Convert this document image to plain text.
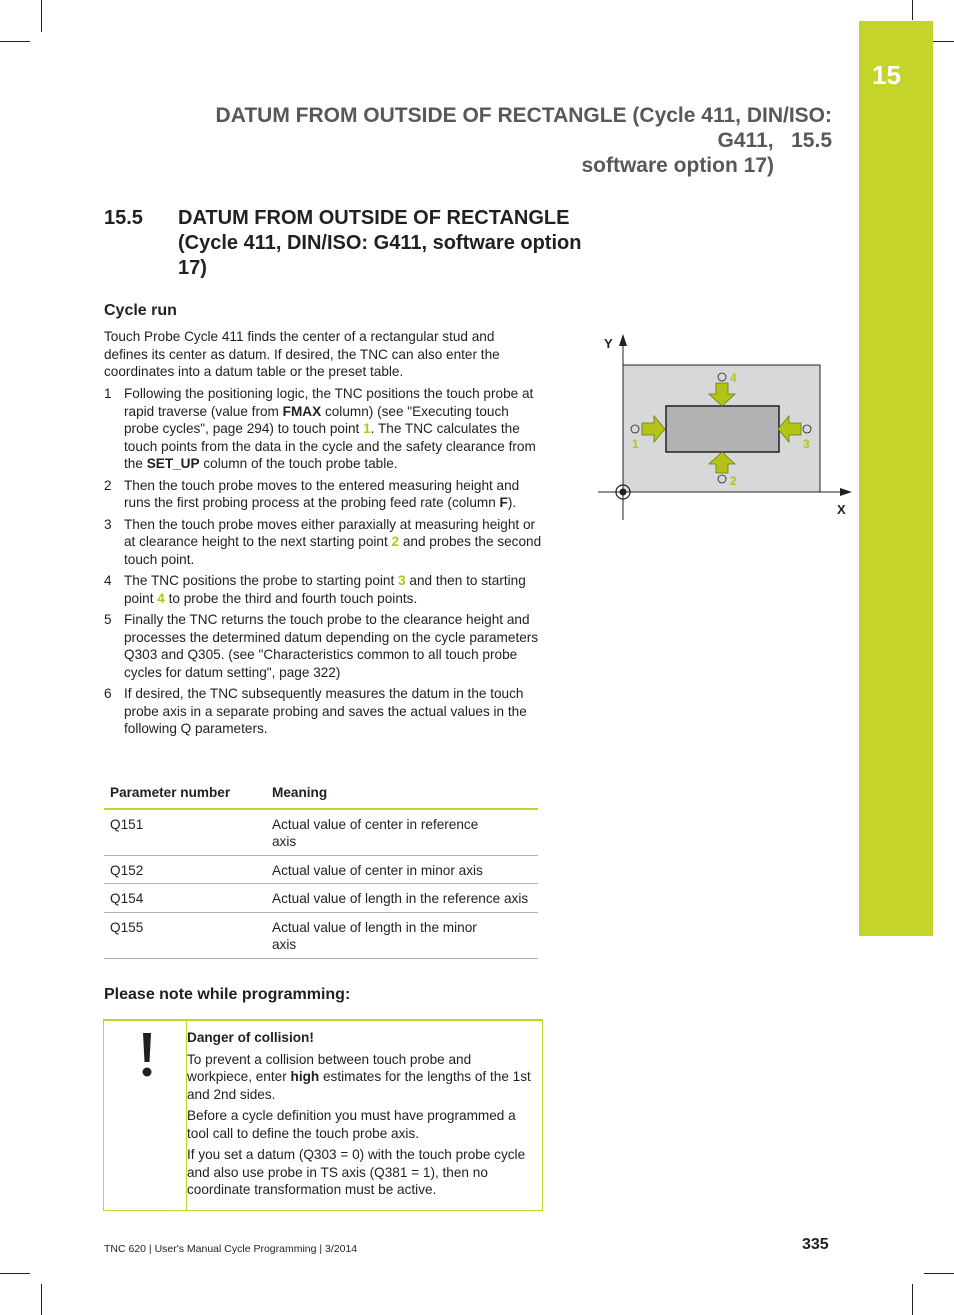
15
DATUM FROM OUTSIDE OF RECTANGLE (Cycle 411, DIN/ISO: G411, 15.5
software option 17)
15.5 DATUM FROM OUTSIDE OF RECTANGLE (Cycle 411, DIN/ISO: G411, software option 17)
Cycle run

Touch Probe Cycle 411 finds the center of a rectangular stud and defines its center as datum. If desired, the TNC can also enter the coordinates into a datum table or the preset table.

1 Following the positioning logic, the TNC positions the touch probe at rapid traverse (value from FMAX column) (see "Executing touch probe cycles", page 294) to touch point 1. The TNC calculates the touch points from the data in the cycle and the safety clearance from the SET_UP column of the touch probe table.
2 Then the touch probe moves to the entered measuring height and runs the first probing process at the probing feed rate (column F).
3 Then the touch probe moves either paraxially at measuring height or at clearance height to the next starting point 2 and probes the second touch point.
4 The TNC positions the probe to starting point 3 and then to starting point 4 to probe the third and fourth touch points.
5 Finally the TNC returns the touch probe to the clearance height and processes the determined datum depending on the cycle parameters Q303 and Q305. (see "Characteristics common to all touch probe cycles for datum setting", page 322)
6 If desired, the TNC subsequently measures the datum in the touch probe axis in a separate probing and saves the actual values in the following Q parameters.
Y
X
1	3
4
2
Parameter number	Meaning
Q151	Actual value of center in reference axis
Q152	Actual value of center in minor axis
Q154	Actual value of length in the reference axis
Q155	Actual value of length in the minor axis
Please note while programming:

Danger of collision!

To prevent a collision between touch probe and workpiece, enter high estimates for the lengths of the 1st and 2nd sides.

Before a cycle definition you must have programmed a tool call to define the touch probe axis.

If you set a datum (Q303 = 0) with the touch probe cycle and also use probe in TS axis (Q381 = 1), then no coordinate transformation must be active.

TNC 620 | User's Manual Cycle Programming | 3/2014	335
